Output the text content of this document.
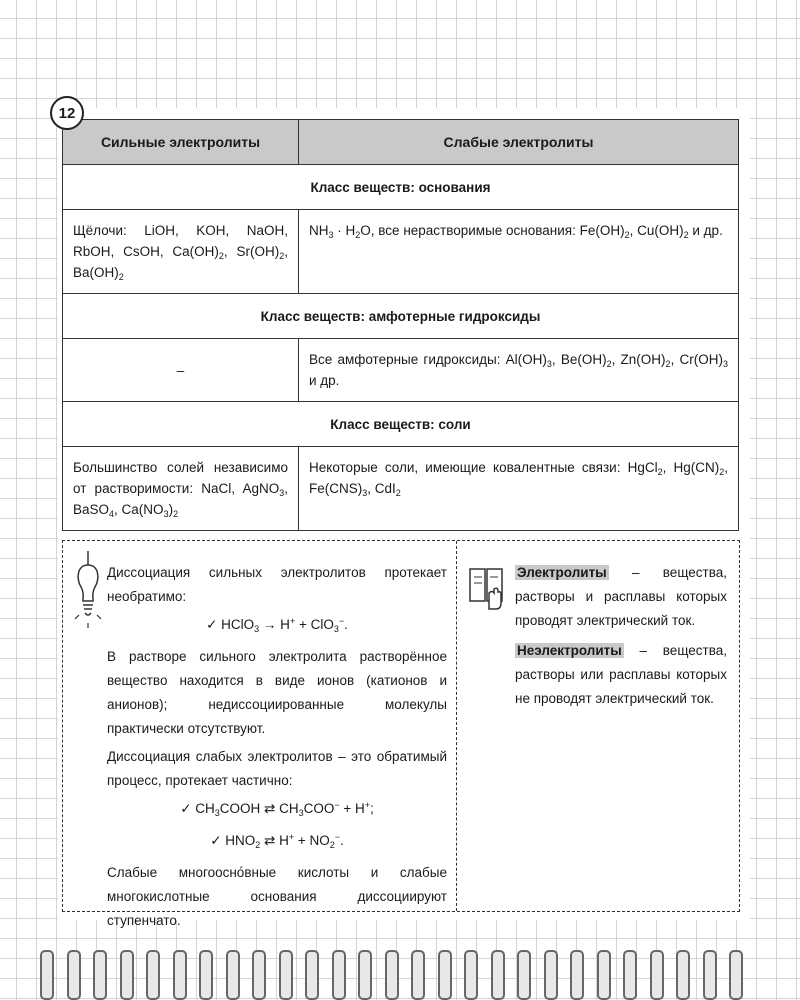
12
Сильные электролиты	Слабые электролиты
Класс веществ: основания	
Щёлочи: LiOH, KOH, NaOH, RbOH, CsOH, $Ca(OH)_2$, $Sr(OH)_2$, $Ba(OH)_2$	$NH_3 \cdot H_2O$, все нерастворимые основания: $Fe(OH)_2$, $Cu(OH)_2$ и др.
Класс веществ: амфотерные гидроксиды	
–	Все амфотерные гидроксиды: $Al(OH)_3$, $Be(OH)_2$, $Zn(OH)_2$, $Cr(OH)_3$ и др.
Класс веществ: соли	
Большинство солей независимо от растворимости: NaCl, AgNO$_3$, BaSO$_4$, $Ca(NO_3)_2$	Некоторые соли, имеющие ковалентные связи: HgCl$_2$, $Hg(CN)_2$, $Fe(CNS)_3$, CdI$_2$

Диссоциация сильных электролитов протекает необратимо:

✓ HClO$_3$ → H+ + ClO$_3$−.

В растворе сильного электролита растворённое вещество находится в виде ионов (катионов и анионов); недиссоциированные молекулы практически отсутствуют.

Диссоциация слабых электролитов – это обратимый процесс, протекает частично:

✓ $CH_3COOH$ ⇄ $CH_3COO^- + H^+$;
✓ $HNO_2$ ⇄ $H^+ + NO_2^-$.

Слабые многоосно́вные кислоты и слабые многокислотные основания диссоциируют ступенчато.

Электролиты – вещества, растворы и расплавы которых проводят электрический ток.

Неэлектролиты – вещества, растворы или расплавы которых не проводят электрический ток.
